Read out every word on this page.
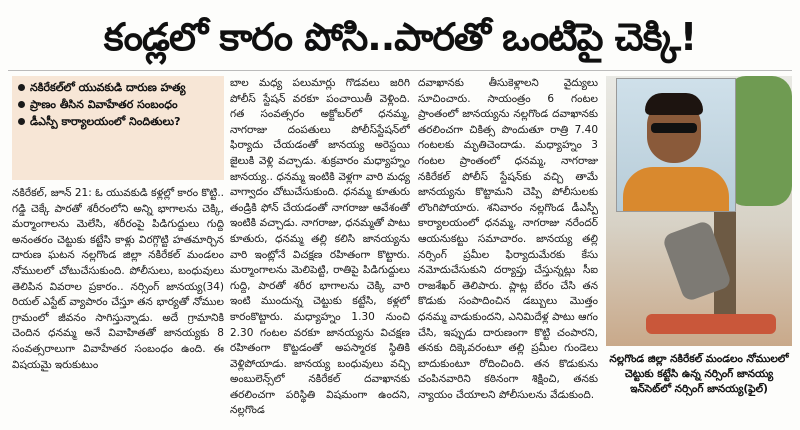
కండ్లలో కారం పోసి..పారతో ఒంటిపై చెక్కి!
నకిరేకల్‌లో యువకుడి దారుణ హత్య
ప్రాణం తీసిన వివాహేతర సంబంధం
డీఎస్పీ కార్యాలయంలో నిందితులు?

నకిరేకల్‌, జూన్‌ 21: ఓ యువకుడి కళ్లల్లో కారం కొట్టి.. గడ్డి చెక్కే పారతో శరీరంలోని అన్ని భాగాలను చెక్కి, మర్మాంగాలను మెలేసి, శరీరంపై పిడిగుద్దులు గుద్ది అనంతరం చెట్టుకు కట్టేసి కాళ్లు విరగ్గొట్టి హతమార్చిన దారుణ ఘటన నల్లగొండ జిల్లా నకిరేకల్‌ మండలం నోములలో చోటుచేసుకుంది. పోలీసులు, బంధువులు తెలిపిన వివరాల ప్రకారం.. నర్సింగ్‌ జానయ్య(34) రియల్‌ ఎస్టేట్‌ వ్యాపారం చేస్తూ తన భార్యతో నోముల గ్రామంలో జీవనం సాగిస్తున్నాడు. అదే గ్రామానికి చెందిన ధనమ్మ అనే వివాహితతో జానయ్యకు 8 సంవత్సరాలుగా వివాహేతర సంబంధం ఉంది. ఈ విషయమై ఇరుకుటుం

బాల మధ్య పలుమార్లు గొడవలు జరిగి పోలీస్‌ స్టేషన్‌ వరకూ పంచాయితీ వెళ్లింది. గత సంవత్సరం అక్టోబర్‌లో ధనమ్మ, నాగరాజు దంపతులు పోలీస్‌స్టేషన్‌లో ఫిర్యాదు చేయడంతో జానయ్య అరెస్టయి జైలుకి వెళ్లి వచ్చాడు. శుక్రవారం మధ్యాహ్నం జానయ్య.. ధనమ్మ ఇంటికి వెళ్లగా వారి మధ్య వాగ్వాదం చోటుచేసుకుంది. ధనమ్మ కూతురు తండ్రికి ఫోన్‌ చేయడంతో నాగరాజు ఆవేశంతో ఇంటికి వచ్చాడు. నాగరాజు, ధనమ్మతో పాటు కూతురు, ధనమ్మ తల్లి కలిసి జానయ్యను వారి ఇంట్లోనే విచక్షణ రహితంగా కొట్టారు. మర్మాంగాలను మెలిపెట్టి, రాతిపై పిడిగుద్దులు గుద్ది, పారతో శరీర భాగాలను చెక్కి వారి ఇంటి ముందున్న చెట్టుకు కట్టేసి, కళ్లలో కారంకొట్టారు. మధ్యాహ్నం 1.30 నుంచి 2.30 గంటల వరకూ జానయ్యను విచక్షణ రహితంగా కొట్టడంతో అపస్మారక స్థితికి వెళ్లిపోయాడు. జానయ్య బంధువులు వచ్చి అంబులెన్స్‌లో నకిరేకల్‌ దవాఖానకు తరలించగా పరిస్థితి విషమంగా ఉందని, నల్లగొండ

దవాఖానకు తీసుకెళ్లాలని వైద్యులు సూచించారు. సాయంత్రం 6 గంటల ప్రాంతంలో జానయ్యను నల్లగొండ దవాఖానకు తరలించగా చికిత్స పొందుతూ రాత్రి 7.40 గంటలకు మృతిచెందాడు. మధ్యాహ్నం 3 గంటల ప్రాంతంలో ధనమ్మ, నాగరాజు నకిరేకల్‌ పోలీస్‌ స్టేషన్‌కు వచ్చి తామే జానయ్యను కొట్టామని చెప్పి పోలీసులకు లొంగిపోయారు. శనివారం నల్లగొండ డీఎస్పీ కార్యాలయంలో ధనమ్మ, నాగరాజు నరేందర్‌ ఆయనుకట్టు సమాచారం. జానయ్య తల్లి నర్సింగ్‌ ప్రమీల ఫిర్యాదుమేరకు కేసు నమోదుచేసుకుని దర్యాప్తు చేస్తున్నట్లు సీఐ రాజశేఖర్‌ తెలిపారు. ప్లాట్ల బేరం చేసి తన కొడుకు సంపాదించిన డబ్బులు మొత్తం ధనమ్మ వాడుకుందని, ఎనిమిదేళ్ల పాటు ఆగం చేసి, ఇప్పుడు దారుణంగా కొట్టి చంపారని, తనకు దిక్కెవరంటూ తల్లి ప్రమీల గుండెలు బాదుకుంటూ రోదించింది. తన కొడుకును చంపినవారిని కఠినంగా శిక్షించి, తనకు న్యాయం చేయాలని పోలీసులను వేడుకుంది.

నల్లగొండ జిల్లా నకిరేకల్‌ మండలం నోములలో చెట్టుకు కట్టేసి ఉన్న నర్సింగ్‌ జానయ్య ఇన్‌సెట్‌లో నర్సింగ్‌ జానయ్య(ఫైల్‌)
